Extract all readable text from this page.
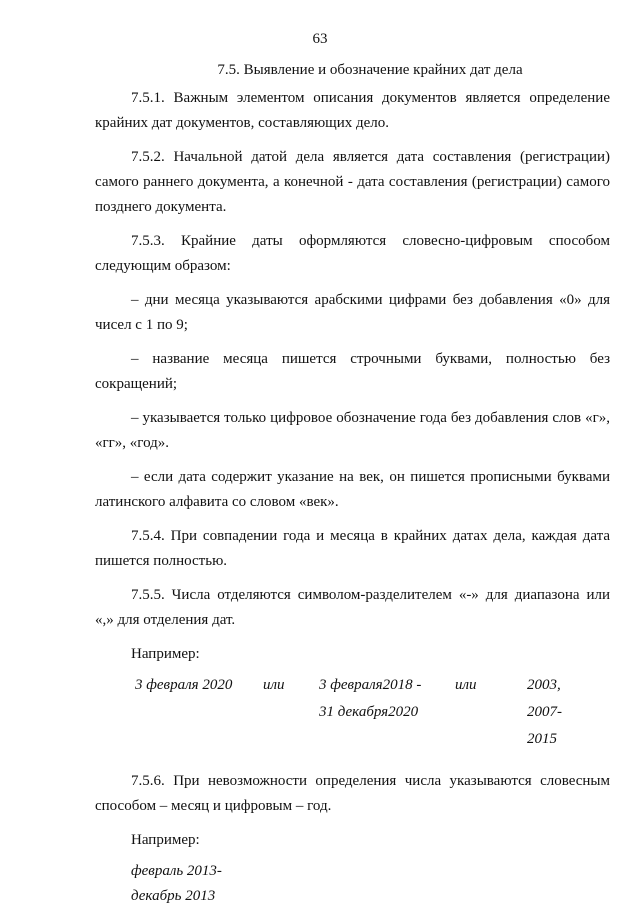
63
7.5. Выявление и обозначение крайних дат дела

7.5.1. Важным элементом описания документов является определение крайних дат документов, составляющих дело.

7.5.2. Начальной датой дела является дата составления (регистрации) самого раннего документа, а конечной - дата составления (регистрации) самого позднего документа.

7.5.3. Крайние даты оформляются словесно-цифровым способом следующим образом:

– дни месяца указываются арабскими цифрами без добавления «0» для чисел с 1 по 9;

– название месяца пишется строчными буквами, полностью без сокращений;

– указывается только цифровое обозначение года без добавления слов «г», «гг», «год».

– если дата содержит указание на век, он пишется прописными буквами латинского алфавита со словом «век».

7.5.4. При совпадении года и месяца в крайних датах дела, каждая дата пишется полностью.

7.5.5. Числа отделяются символом-разделителем «-» для диапазона или «,» для отделения дат.

Например:

3 февраля 2020 или 3 февраля2018 -
31 декабря2020
или	2003,
2007-
2015

7.5.6. При невозможности определения числа указываются словесным способом – месяц и цифровым – год.

Например:

февраль 2013-

декабрь 2013
